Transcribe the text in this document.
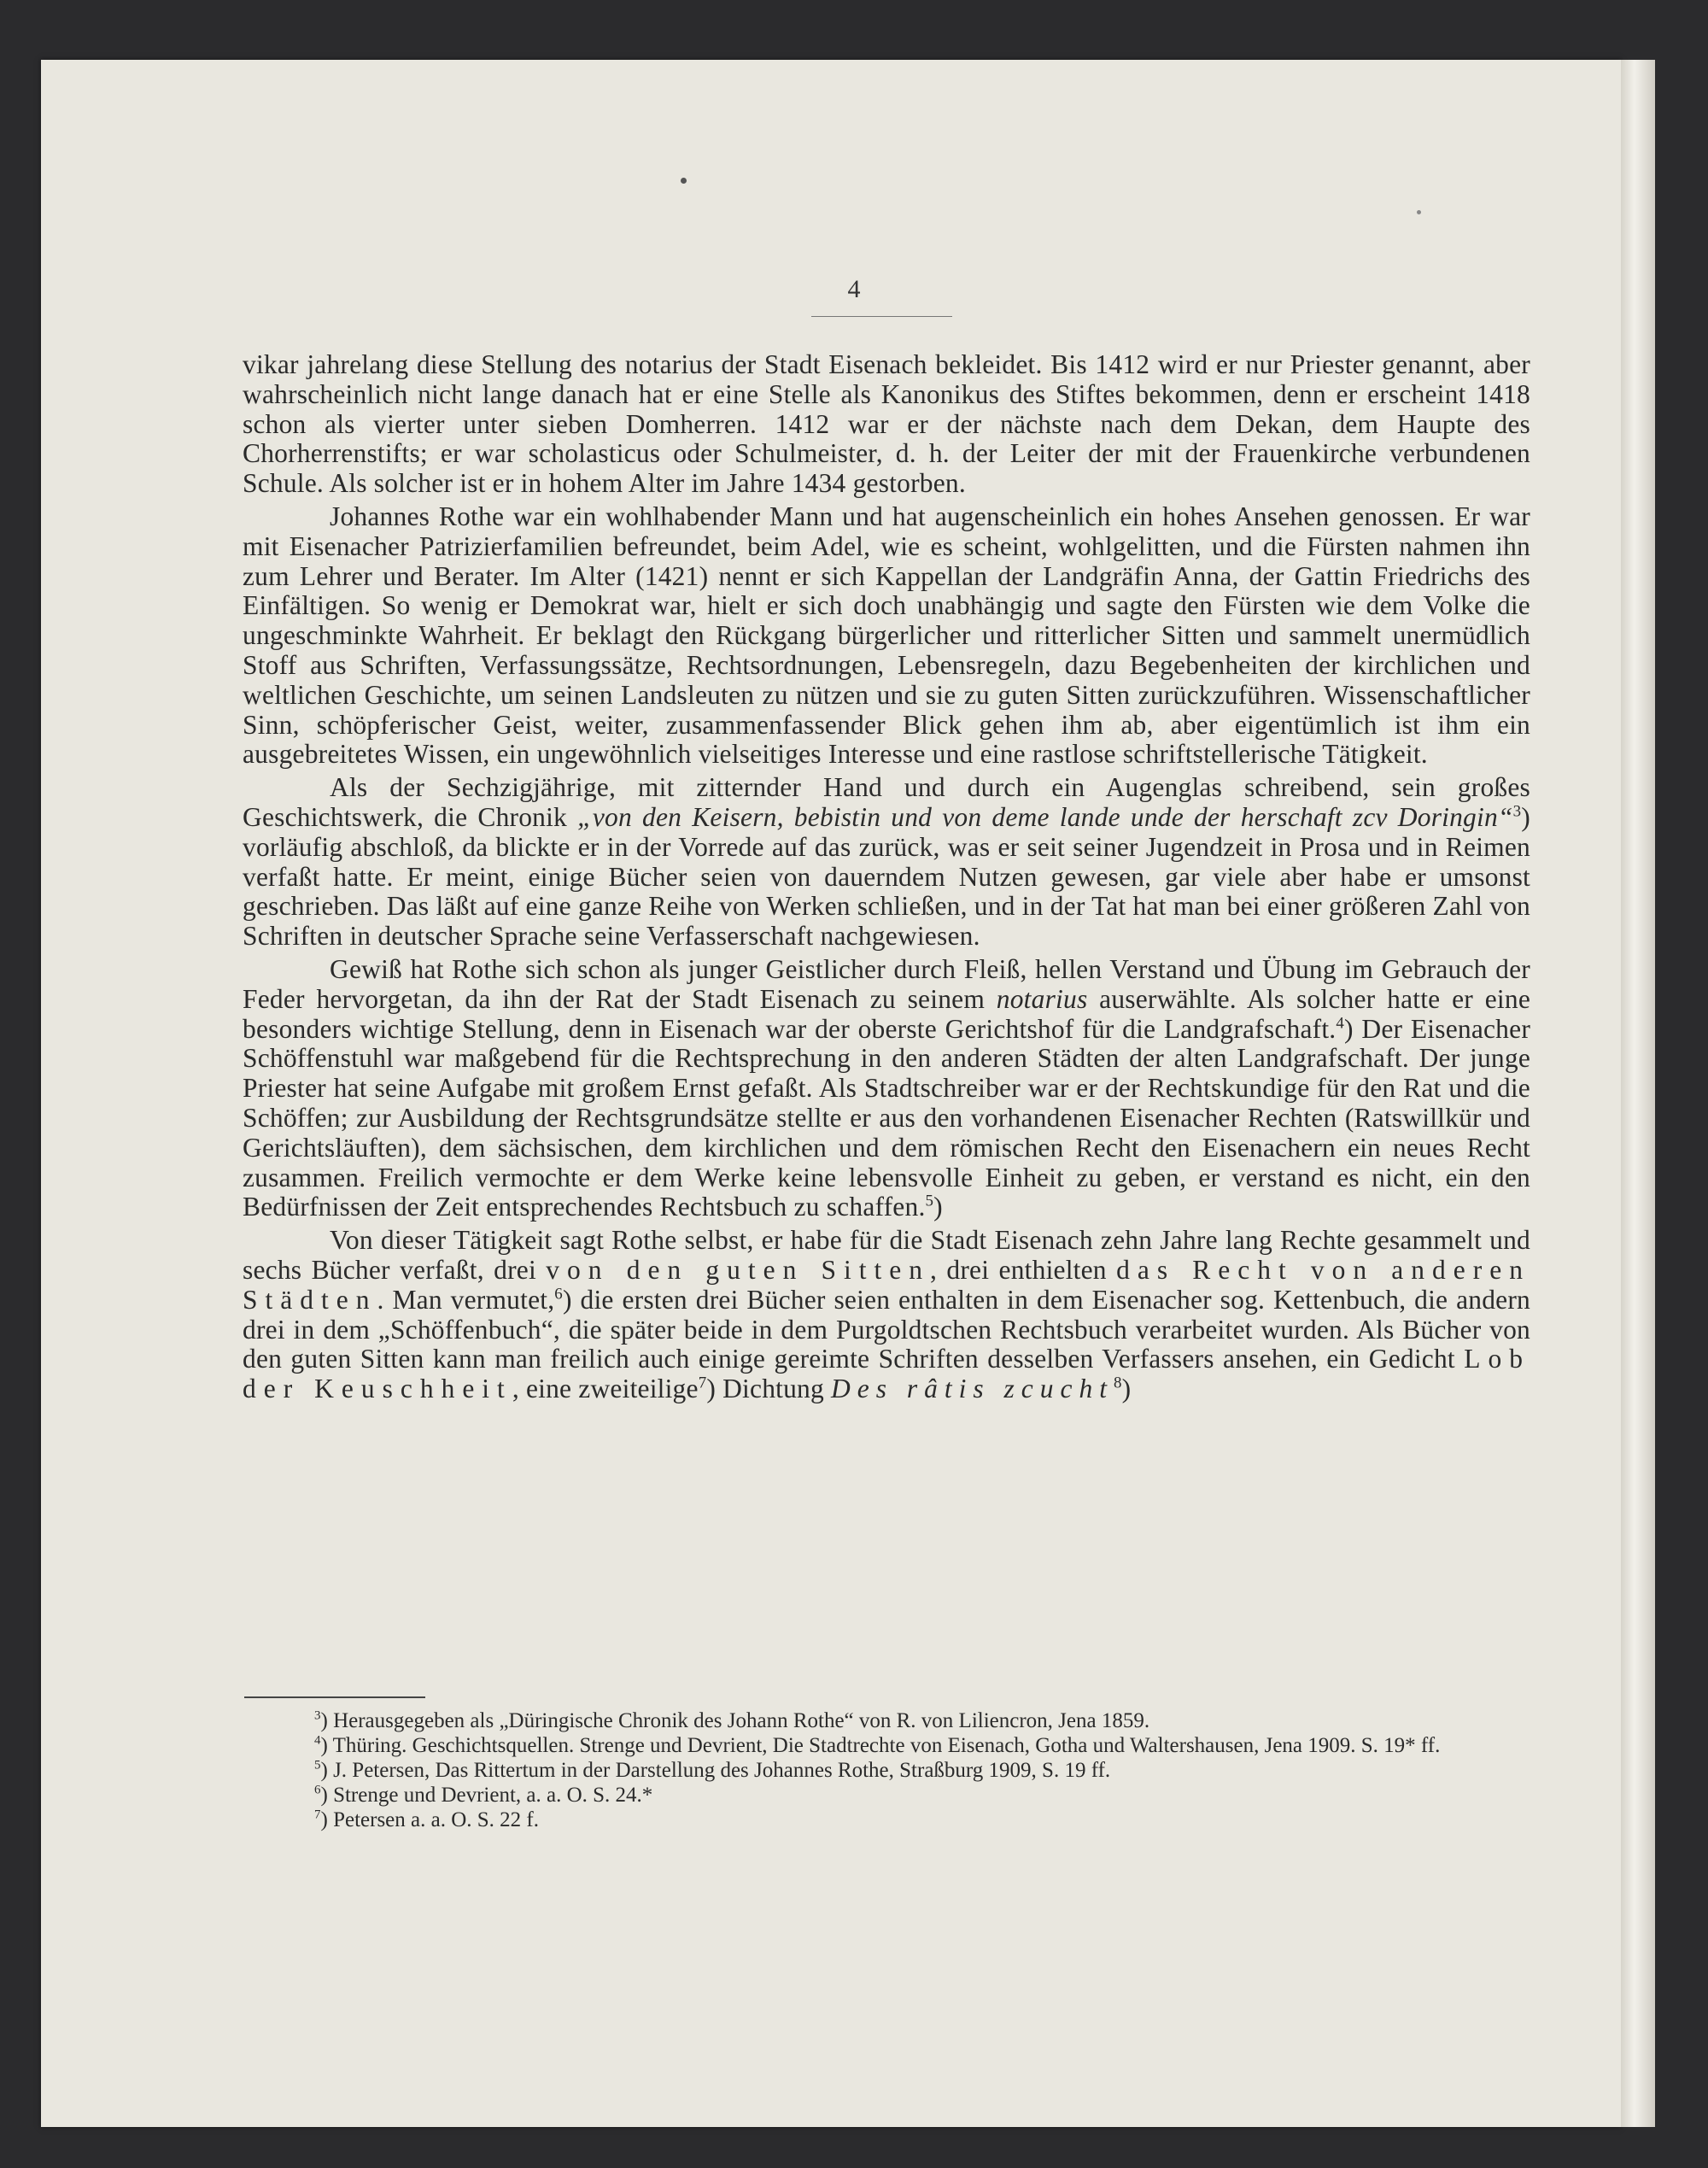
4

vikar jahrelang diese Stellung des notarius der Stadt Eisenach bekleidet. Bis 1412 wird er nur Priester genannt, aber wahrscheinlich nicht lange danach hat er eine Stelle als Kanonikus des Stiftes bekommen, denn er erscheint 1418 schon als vierter unter sieben Domherren. 1412 war er der nächste nach dem Dekan, dem Haupte des Chorherrenstifts; er war scholasticus oder Schulmeister, d. h. der Leiter der mit der Frauenkirche verbundenen Schule. Als solcher ist er in hohem Alter im Jahre 1434 gestorben.

Johannes Rothe war ein wohlhabender Mann und hat augenscheinlich ein hohes Ansehen genossen. Er war mit Eisenacher Patrizierfamilien befreundet, beim Adel, wie es scheint, wohlgelitten, und die Fürsten nahmen ihn zum Lehrer und Berater. Im Alter (1421) nennt er sich Kappellan der Landgräfin Anna, der Gattin Friedrichs des Einfältigen. So wenig er Demokrat war, hielt er sich doch unabhängig und sagte den Fürsten wie dem Volke die ungeschminkte Wahrheit. Er beklagt den Rückgang bürgerlicher und ritterlicher Sitten und sammelt unermüdlich Stoff aus Schriften, Verfassungssätze, Rechtsordnungen, Lebensregeln, dazu Begebenheiten der kirchlichen und weltlichen Geschichte, um seinen Landsleuten zu nützen und sie zu guten Sitten zurückzuführen. Wissenschaftlicher Sinn, schöpferischer Geist, weiter, zusammenfassender Blick gehen ihm ab, aber eigentümlich ist ihm ein ausgebreitetes Wissen, ein ungewöhnlich vielseitiges Interesse und eine rastlose schriftstellerische Tätigkeit.

Als der Sechzigjährige, mit zitternder Hand und durch ein Augenglas schreibend, sein großes Geschichtswerk, die Chronik „von den Keisern, bebistin und von deme lande unde der herschaft zcv Doringin“$^3$) vorläufig abschloß, da blickte er in der Vorrede auf das zurück, was er seit seiner Jugendzeit in Prosa und in Reimen verfaßt hatte. Er meint, einige Bücher seien von dauerndem Nutzen gewesen, gar viele aber habe er umsonst geschrieben. Das läßt auf eine ganze Reihe von Werken schließen, und in der Tat hat man bei einer größeren Zahl von Schriften in deutscher Sprache seine Verfasserschaft nachgewiesen.

Gewiß hat Rothe sich schon als junger Geistlicher durch Fleiß, hellen Verstand und Übung im Gebrauch der Feder hervorgetan, da ihn der Rat der Stadt Eisenach zu seinem notarius auserwählte. Als solcher hatte er eine besonders wichtige Stellung, denn in Eisenach war der oberste Gerichtshof für die Landgrafschaft.$^4$) Der Eisenacher Schöffenstuhl war maßgebend für die Rechtsprechung in den anderen Städten der alten Landgrafschaft. Der junge Priester hat seine Aufgabe mit großem Ernst gefaßt. Als Stadtschreiber war er der Rechtskundige für den Rat und die Schöffen; zur Ausbildung der Rechtsgrundsätze stellte er aus den vorhandenen Eisenacher Rechten (Ratswillkür und Gerichtsläuften), dem sächsischen, dem kirchlichen und dem römischen Recht den Eisenachern ein neues Recht zusammen. Freilich vermochte er dem Werke keine lebensvolle Einheit zu geben, er verstand es nicht, ein den Bedürfnissen der Zeit entsprechendes Rechtsbuch zu schaffen.$^5$)

Von dieser Tätigkeit sagt Rothe selbst, er habe für die Stadt Eisenach zehn Jahre lang Rechte gesammelt und sechs Bücher verfaßt, drei von den guten Sitten, drei enthielten das Recht von anderen Städten. Man vermutet,$^6$) die ersten drei Bücher seien enthalten in dem Eisenacher sog. Kettenbuch, die andern drei in dem „Schöffenbuch“, die später beide in dem Purgoldtschen Rechtsbuch verarbeitet wurden. Als Bücher von den guten Sitten kann man freilich auch einige gereimte Schriften desselben Verfassers ansehen, ein Gedicht Lob der Keuschheit, eine zweiteilige$^7$) Dichtung Des râtis zcucht$^8$)

$^3$) Herausgegeben als „Düringische Chronik des Johann Rothe“ von R. von Liliencron, Jena 1859.

$^4$) Thüring. Geschichtsquellen. Strenge und Devrient, Die Stadtrechte von Eisenach, Gotha und Waltershausen, Jena 1909. S. 19* ff.

$^5$) J. Petersen, Das Rittertum in der Darstellung des Johannes Rothe, Straßburg 1909, S. 19 ff.

$^6$) Strenge und Devrient, a. a. O. S. 24.*

$^7$) Petersen a. a. O. S. 22 f.
